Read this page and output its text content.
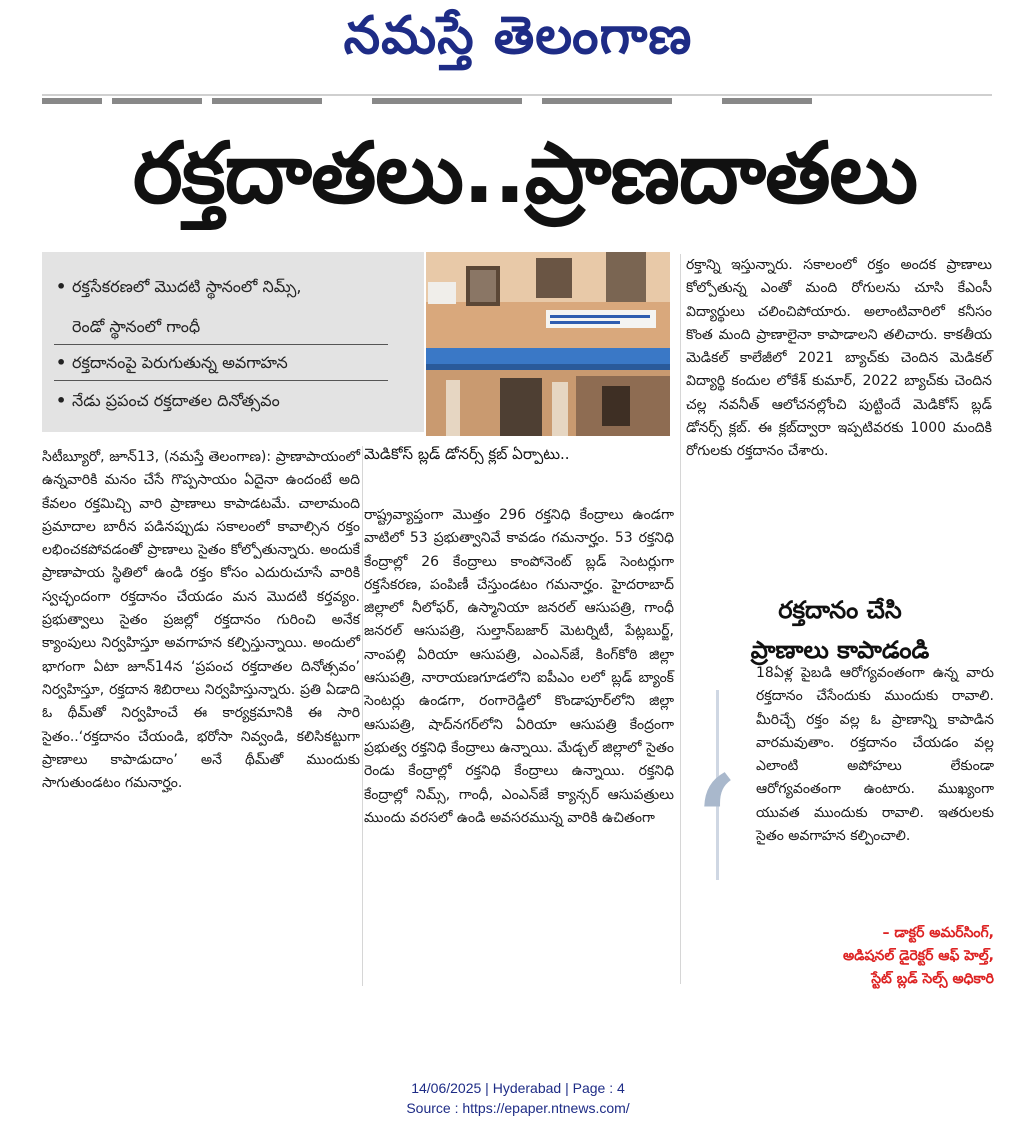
నమస్తే తెలంగాణ
రక్తదాతలు..ప్రాణదాతలు
• రక్తసేకరణలో మొదటి స్థానంలో నిమ్స్,
రెండో స్థానంలో గాంధీ
• రక్తదానంపై పెరుగుతున్న అవగాహన
• నేడు ప్రపంచ రక్తదాతల దినోత్సవం
మెడికోస్ బ్లడ్ డోనర్స్ క్లబ్ ఏర్పాటు..

సిటీబ్యూరో, జూన్13, (నమస్తే తెలంగాణ): ప్రాణాపాయంలో ఉన్నవారికి మనం చేసే గొప్పసాయం ఏదైనా ఉందంటే అది కేవలం రక్తమిచ్చి వారి ప్రాణాలు కాపాడటమే. చాలామంది ప్రమాదాల బారీన పడినప్పుడు సకాలంలో కావాల్సిన రక్తం లభించకపోవడంతో ప్రాణాలు సైతం కోల్పోతున్నారు. అందుకే ప్రాణాపాయ స్థితిలో ఉండి రక్తం కోసం ఎదురుచూసే వారికి స్వచ్ఛందంగా రక్తదానం చేయడం మన మొదటి కర్తవ్యం. ప్రభుత్వాలు సైతం ప్రజల్లో రక్తదానం గురించి అనేక క్యాంపులు నిర్వహిస్తూ అవగాహన కల్పిస్తున్నాయి. అందులో భాగంగా ఏటా జూన్14న ‘ప్రపంచ రక్తదాతల దినోత్సవం’ నిర్వహిస్తూ, రక్తదాన శిబిరాలు నిర్వహిస్తున్నారు. ప్రతి ఏడాది ఓ థీమ్‌తో నిర్వహించే ఈ కార్యక్రమానికి ఈ సారి సైతం..‘రక్తదానం చేయండి, భరోసా నివ్వండి, కలిసికట్టుగా ప్రాణాలు కాపాడుదాం’ అనే థీమ్‌తో ముందుకు సాగుతుండటం గమనార్హం.

రాష్ట్రవ్యాప్తంగా మొత్తం 296 రక్తనిధి కేంద్రాలు ఉండగా వాటిలో 53 ప్రభుత్వానివే కావడం గమనార్హం. 53 రక్తనిధి కేంద్రాల్లో 26 కేంద్రాలు కాంపోనెంట్ బ్లడ్ సెంటర్లుగా రక్తసేకరణ, పంపిణీ చేస్తుండటం గమనార్హం. హైదరాబాద్ జిల్లాలో నీలోఫర్, ఉస్మానియా జనరల్ ఆసుపత్రి, గాంధీ జనరల్ ఆసుపత్రి, సుల్తాన్‌బజార్ మెటర్నిటీ, పేట్లబుర్జ్, నాంపల్లి ఏరియా ఆసుపత్రి, ఎంఎన్‌జే, కింగ్‌కోఠి జిల్లా ఆసుపత్రి, నారాయణగూడలోని ఐపీఎం లలో బ్లడ్ బ్యాంక్ సెంటర్లు ఉండగా, రంగారెడ్డిలో కొండాపూర్‌లోని జిల్లా ఆసుపత్రి, షాద్‌నగర్‌లోని ఏరియా ఆసుపత్రి కేంద్రంగా ప్రభుత్వ రక్తనిధి కేంద్రాలు ఉన్నాయి. మేడ్చల్ జిల్లాలో సైతం రెండు కేంద్రాల్లో రక్తనిధి కేంద్రాలు ఉన్నాయి. రక్తనిధి కేంద్రాల్లో నిమ్స్, గాంధీ, ఎంఎన్‌జే క్యాన్సర్ ఆసుపత్రులు ముందు వరసలో ఉండి అవసరమున్న వారికి ఉచితంగా

రక్తాన్ని ఇస్తున్నారు. సకాలంలో రక్తం అందక ప్రాణాలు కోల్పోతున్న ఎంతో మంది రోగులను చూసి కేఎంసీ విద్యార్థులు చలించిపోయారు. అలాంటివారిలో కనీసం కొంత మంది ప్రాణాలైనా కాపాడాలని తలిచారు. కాకతీయ మెడికల్ కాలేజీలో 2021 బ్యాచ్‌కు చెందిన మెడికల్ విద్యార్థి కందుల లోకేశ్ కుమార్, 2022 బ్యాచ్‌కు చెందిన చల్ల నవనీత్ ఆలోచనల్లోంచి పుట్టిందే మెడికోస్ బ్లడ్ డోనర్స్ క్లబ్. ఈ క్లబ్‌ద్వారా ఇప్పటివరకు 1000 మందికి రోగులకు రక్తదానం చేశారు.

రక్తదానం చేసి
ప్రాణాలు కాపాడండి
‘
18ఏళ్ల పైబడి ఆరోగ్యవంతంగా ఉన్న వారు రక్తదానం చేసేందుకు ముందుకు రావాలి. మీరిచ్చే రక్తం వల్ల ఓ ప్రాణాన్ని కాపాడిన వారమవుతాం. రక్తదానం చేయడం వల్ల ఎలాంటి అపోహలు లేకుండా ఆరోగ్యవంతంగా ఉంటారు. ముఖ్యంగా యువత ముందుకు రావాలి. ఇతరులకు సైతం అవగాహన కల్పించాలి.
– డాక్టర్ అమర్‌సింగ్,
అడిషనల్ డైరెక్టర్ ఆఫ్ హెల్త్,
స్టేట్ బ్లడ్ సెల్స్ అధికారి
14/06/2025 | Hyderabad | Page : 4
Source : https://epaper.ntnews.com/
